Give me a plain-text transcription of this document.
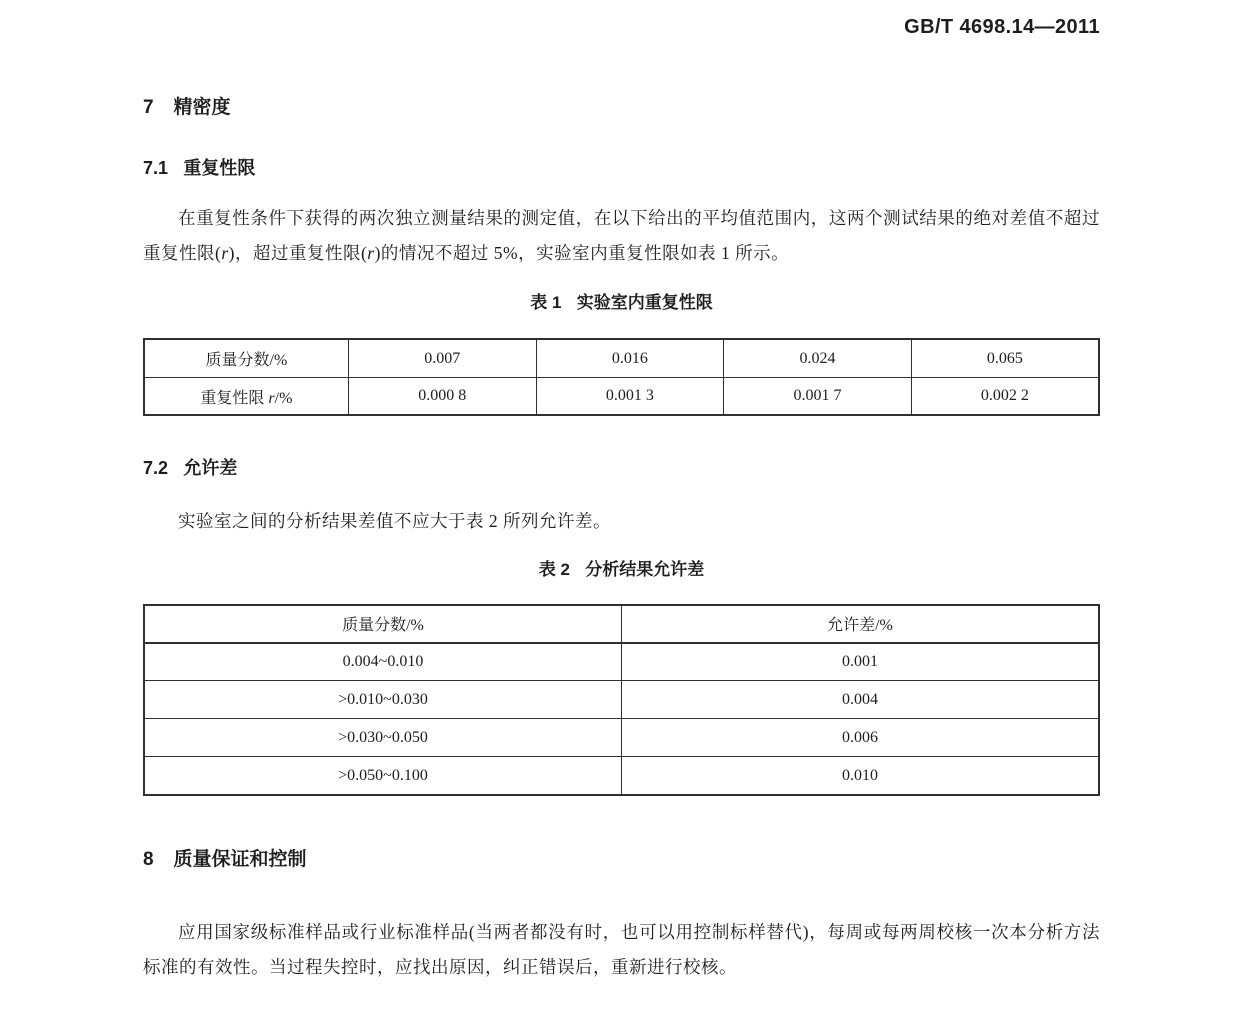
GB/T 4698.14—2011
7 精密度
7.1 重复性限

在重复性条件下获得的两次独立测量结果的测定值，在以下给出的平均值范围内，这两个测试结果的绝对差值不超过重复性限(r)，超过重复性限(r)的情况不超过 5%，实验室内重复性限如表 1 所示。

表 1 实验室内重复性限
质量分数/%	0.007	0.016	0.024	0.065
重复性限 r/%	0.000 8	0.001 3	0.001 7	0.002 2
7.2 允许差

实验室之间的分析结果差值不应大于表 2 所列允许差。

表 2 分析结果允许差
质量分数/%	允许差/%
0.004~0.010	0.001
>0.010~0.030	0.004
>0.030~0.050	0.006
>0.050~0.100	0.010
8 质量保证和控制

应用国家级标准样品或行业标准样品(当两者都没有时，也可以用控制标样替代)，每周或每两周校核一次本分析方法标准的有效性。当过程失控时，应找出原因，纠正错误后，重新进行校核。
